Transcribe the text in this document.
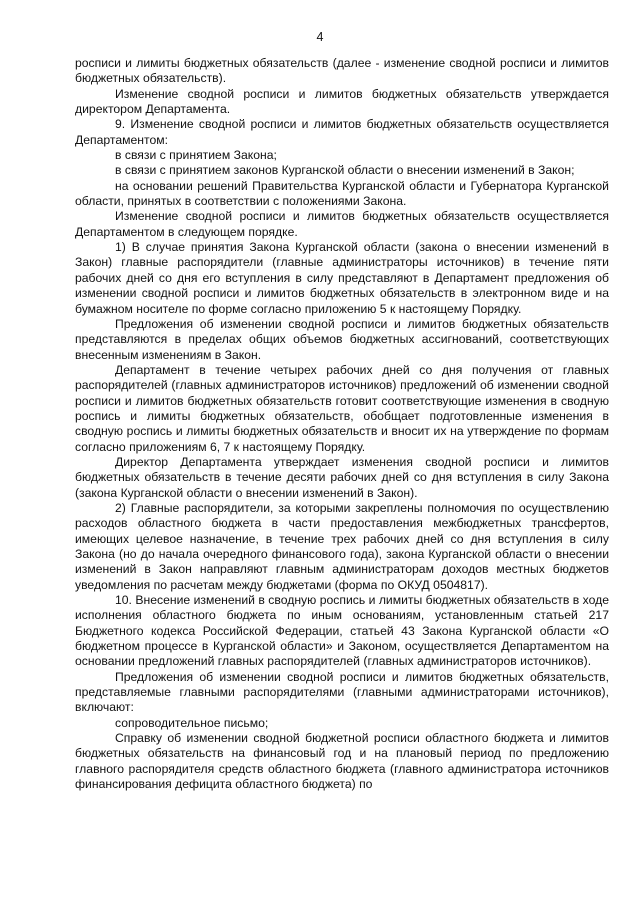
4

росписи и лимиты бюджетных обязательств (далее - изменение сводной росписи и лимитов бюджетных обязательств).

Изменение сводной росписи и лимитов бюджетных обязательств утверждается директором Департамента.

9. Изменение сводной росписи и лимитов бюджетных обязательств осуществляется Департаментом:

в связи с принятием Закона;

в связи с принятием законов Курганской области о внесении изменений в Закон;

на основании решений Правительства Курганской области и Губернатора Курганской области, принятых в соответствии с положениями Закона.

Изменение сводной росписи и лимитов бюджетных обязательств осуществляется Департаментом в следующем порядке.

1) В случае принятия Закона Курганской области (закона о внесении изменений в Закон) главные распорядители (главные администраторы источников) в течение пяти рабочих дней со дня его вступления в силу представляют в Департамент предложения об изменении сводной росписи и лимитов бюджетных обязательств в электронном виде и на бумажном носителе по форме согласно приложению 5 к настоящему Порядку.

Предложения об изменении сводной росписи и лимитов бюджетных обязательств представляются в пределах общих объемов бюджетных ассигнований, соответствующих внесенным изменениям в Закон.

Департамент в течение четырех рабочих дней со дня получения от главных распорядителей (главных администраторов источников) предложений об изменении сводной росписи и лимитов бюджетных обязательств готовит соответствующие изменения в сводную роспись и лимиты бюджетных обязательств, обобщает подготовленные изменения в сводную роспись и лимиты бюджетных обязательств и вносит их на утверждение по формам согласно приложениям 6, 7 к настоящему Порядку.

Директор Департамента утверждает изменения сводной росписи и лимитов бюджетных обязательств в течение десяти рабочих дней со дня вступления в силу Закона (закона Курганской области о внесении изменений в Закон).

2) Главные распорядители, за которыми закреплены полномочия по осуществлению расходов областного бюджета в части предоставления межбюджетных трансфертов, имеющих целевое назначение, в течение трех рабочих дней со дня вступления в силу Закона (но до начала очередного финансового года), закона Курганской области о внесении изменений в Закон направляют главным администраторам доходов местных бюджетов уведомления по расчетам между бюджетами (форма по ОКУД 0504817).

10. Внесение изменений в сводную роспись и лимиты бюджетных обязательств в ходе исполнения областного бюджета по иным основаниям, установленным статьей 217 Бюджетного кодекса Российской Федерации, статьей 43 Закона Курганской области «О бюджетном процессе в Курганской области» и Законом, осуществляется Департаментом на основании предложений главных распорядителей (главных администраторов источников).

Предложения об изменении сводной росписи и лимитов бюджетных обязательств, представляемые главными распорядителями (главными администраторами источников), включают:

сопроводительное письмо;

Справку об изменении сводной бюджетной росписи областного бюджета и лимитов бюджетных обязательств на финансовый год и на плановый период по предложению главного распорядителя средств областного бюджета (главного администратора источников финансирования дефицита областного бюджета) по
